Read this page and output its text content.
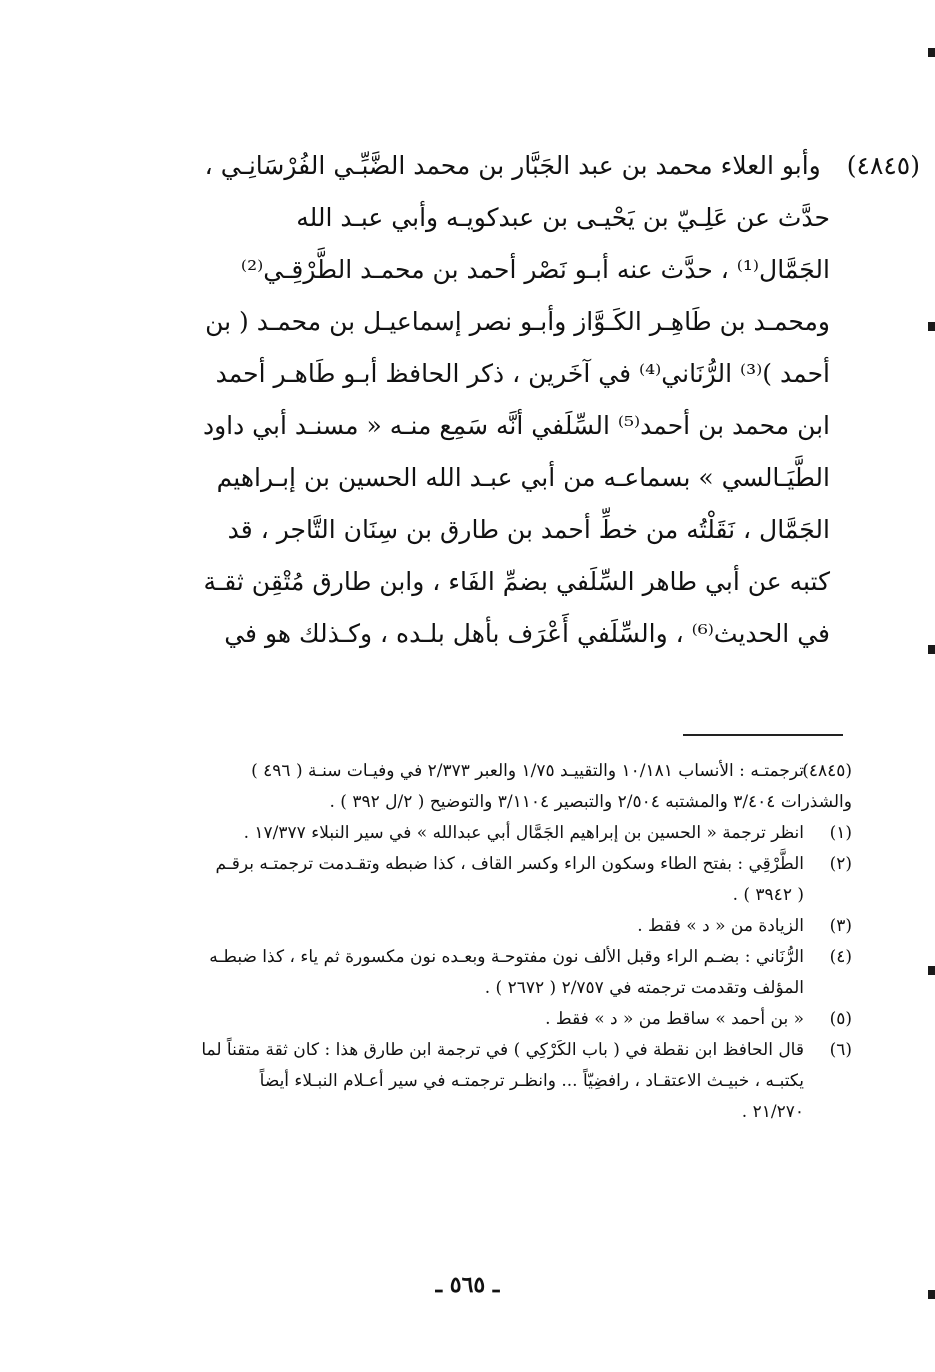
(٤٨٤٥)وأبو العلاء محمد بن عبد الجَبَّار بن محمد الضَّبِّـي الفُرْسَانِـي ،
حدَّث عن عَلِـيّ بن يَحْيـى بن عبدكويـه وأبي عبـد الله
الجَمَّال⁽¹⁾ ، حدَّث عنه أبـو نَصْر أحمد بن محمـد الطَّرْقِـي⁽²⁾
ومحمـد بن طَاهِـر الكَـوَّاز وأبـو نصر إسماعيـل بن محمـد ( بن
أحمد )⁽³⁾ الرُّنَاني⁽⁴⁾ في آخَرين ، ذكر الحافظ أبـو طَاهـر أحمد
ابن محمد بن أحمد⁽⁵⁾ السِّلَفي أنَّه سَمِع منـه « مسنـد أبي داود
الطَّيَـالسي » بسماعـه من أبي عبـد الله الحسين بن إبـراهيم
الجَمَّال ، نَقَلْتُه من خطِّ أحمد بن طارق بن سِنَان التَّاجر ، قد
كتبه عن أبي طاهر السِّلَفي بضمِّ الفَاء ، وابن طارق مُتْقِن ثقـة
في الحديث⁽⁶⁾ ، والسِّلَفي أَعْرَف بأهل بلـده ، وكـذلك هو في
(٤٨٤٥)ترجمتـه : الأنساب ١٠/١٨١ والتقييـد ١/٧٥ والعبر ٢/٣٧٣ في وفيـات سنـة ( ٤٩٦ )
والشذرات ٣/٤٠٤ والمشتبه ٢/٥٠٤ والتبصير ٣/١١٠٤ والتوضيح ( ٢/ل ٣٩٢ ) .
(١)انظر ترجمة « الحسين بن إبراهيم الجَمَّال أبي عبدالله » في سير النبلاء ١٧/٣٧٧ .
(٢)الطَّرْقِي : بفتح الطاء وسكون الراء وكسر القاف ، كذا ضبطه وتقـدمت ترجمتـه برقـم
( ٣٩٤٢ ) .
(٣)الزيادة من « د » فقط .
(٤)الرُّنَاني : بضـم الراء وقبل الألف نون مفتوحـة وبعـده نون مكسورة ثم ياء ، كذا ضبطـه
المؤلف وتقدمت ترجمته في ٢/٧٥٧ ( ٢٦٧٢ ) .
(٥)« بن أحمد » ساقط من « د » فقط .
(٦)قال الحافظ ابن نقطة في ( باب الكَرْكِي ) في ترجمة ابن طارق هذا : كان ثقة متقناً لما
يكتبـه ، خبيـث الاعتقـاد ، رافضِيّاً ... وانظـر ترجمتـه في سير أعـلام النبـلاء أيضاً
٢١/٢٧٠ .
ـ ٥٦٥ ـ
